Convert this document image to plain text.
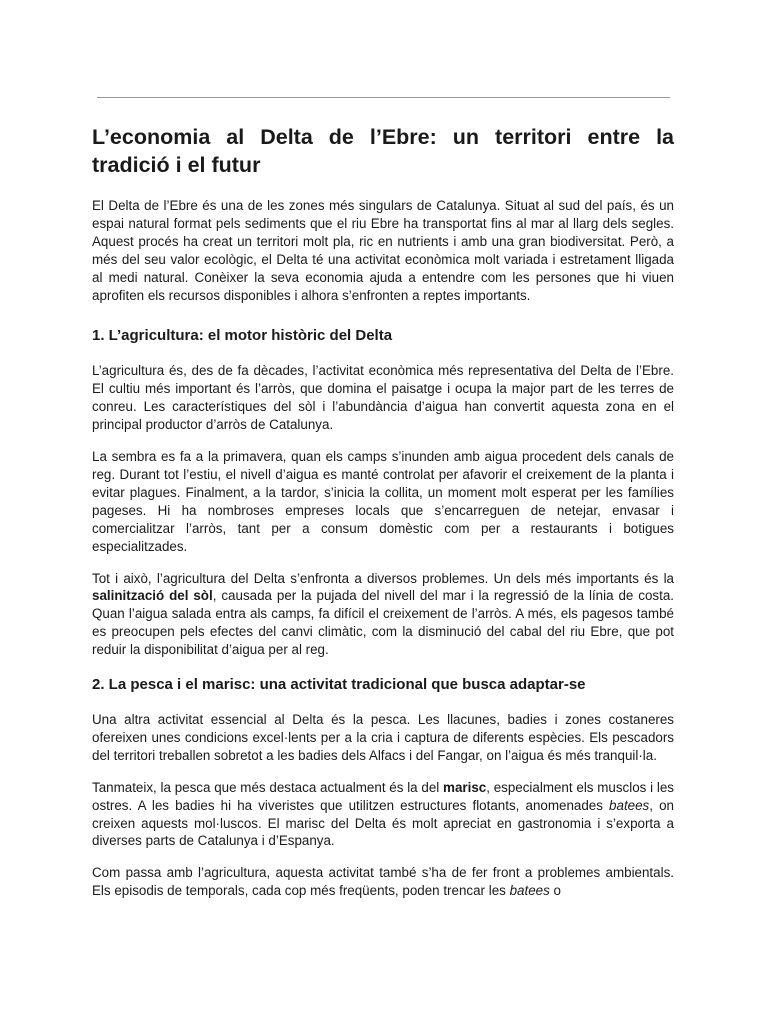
L’economia al Delta de l’Ebre: un territori entre la tradició i el futur

El Delta de l’Ebre és una de les zones més singulars de Catalunya. Situat al sud del país, és un espai natural format pels sediments que el riu Ebre ha transportat fins al mar al llarg dels segles. Aquest procés ha creat un territori molt pla, ric en nutrients i amb una gran biodiversitat. Però, a més del seu valor ecològic, el Delta té una activitat econòmica molt variada i estretament lligada al medi natural. Conèixer la seva economia ajuda a entendre com les persones que hi viuen aprofiten els recursos disponibles i alhora s’enfronten a reptes importants.

1. L’agricultura: el motor històric del Delta

L’agricultura és, des de fa dècades, l’activitat econòmica més representativa del Delta de l’Ebre. El cultiu més important és l’arròs, que domina el paisatge i ocupa la major part de les terres de conreu. Les característiques del sòl i l’abundància d’aigua han convertit aquesta zona en el principal productor d’arròs de Catalunya.

La sembra es fa a la primavera, quan els camps s’inunden amb aigua procedent dels canals de reg. Durant tot l’estiu, el nivell d’aigua es manté controlat per afavorir el creixement de la planta i evitar plagues. Finalment, a la tardor, s’inicia la collita, un moment molt esperat per les famílies pageses. Hi ha nombroses empreses locals que s’encarreguen de netejar, envasar i comercialitzar l’arròs, tant per a consum domèstic com per a restaurants i botigues especialitzades.

Tot i això, l’agricultura del Delta s’enfronta a diversos problemes. Un dels més importants és la salinització del sòl, causada per la pujada del nivell del mar i la regressió de la línia de costa. Quan l’aigua salada entra als camps, fa difícil el creixement de l’arròs. A més, els pagesos també es preocupen pels efectes del canvi climàtic, com la disminució del cabal del riu Ebre, que pot reduir la disponibilitat d’aigua per al reg.

2. La pesca i el marisc: una activitat tradicional que busca adaptar-se

Una altra activitat essencial al Delta és la pesca. Les llacunes, badies i zones costaneres ofereixen unes condicions excel·lents per a la cria i captura de diferents espècies. Els pescadors del territori treballen sobretot a les badies dels Alfacs i del Fangar, on l’aigua és més tranquil·la.

Tanmateix, la pesca que més destaca actualment és la del marisc, especialment els musclos i les ostres. A les badies hi ha viveristes que utilitzen estructures flotants, anomenades batees, on creixen aquests mol·luscos. El marisc del Delta és molt apreciat en gastronomia i s’exporta a diverses parts de Catalunya i d’Espanya.

Com passa amb l’agricultura, aquesta activitat també s’ha de fer front a problemes ambientals. Els episodis de temporals, cada cop més freqüents, poden trencar les batees o
